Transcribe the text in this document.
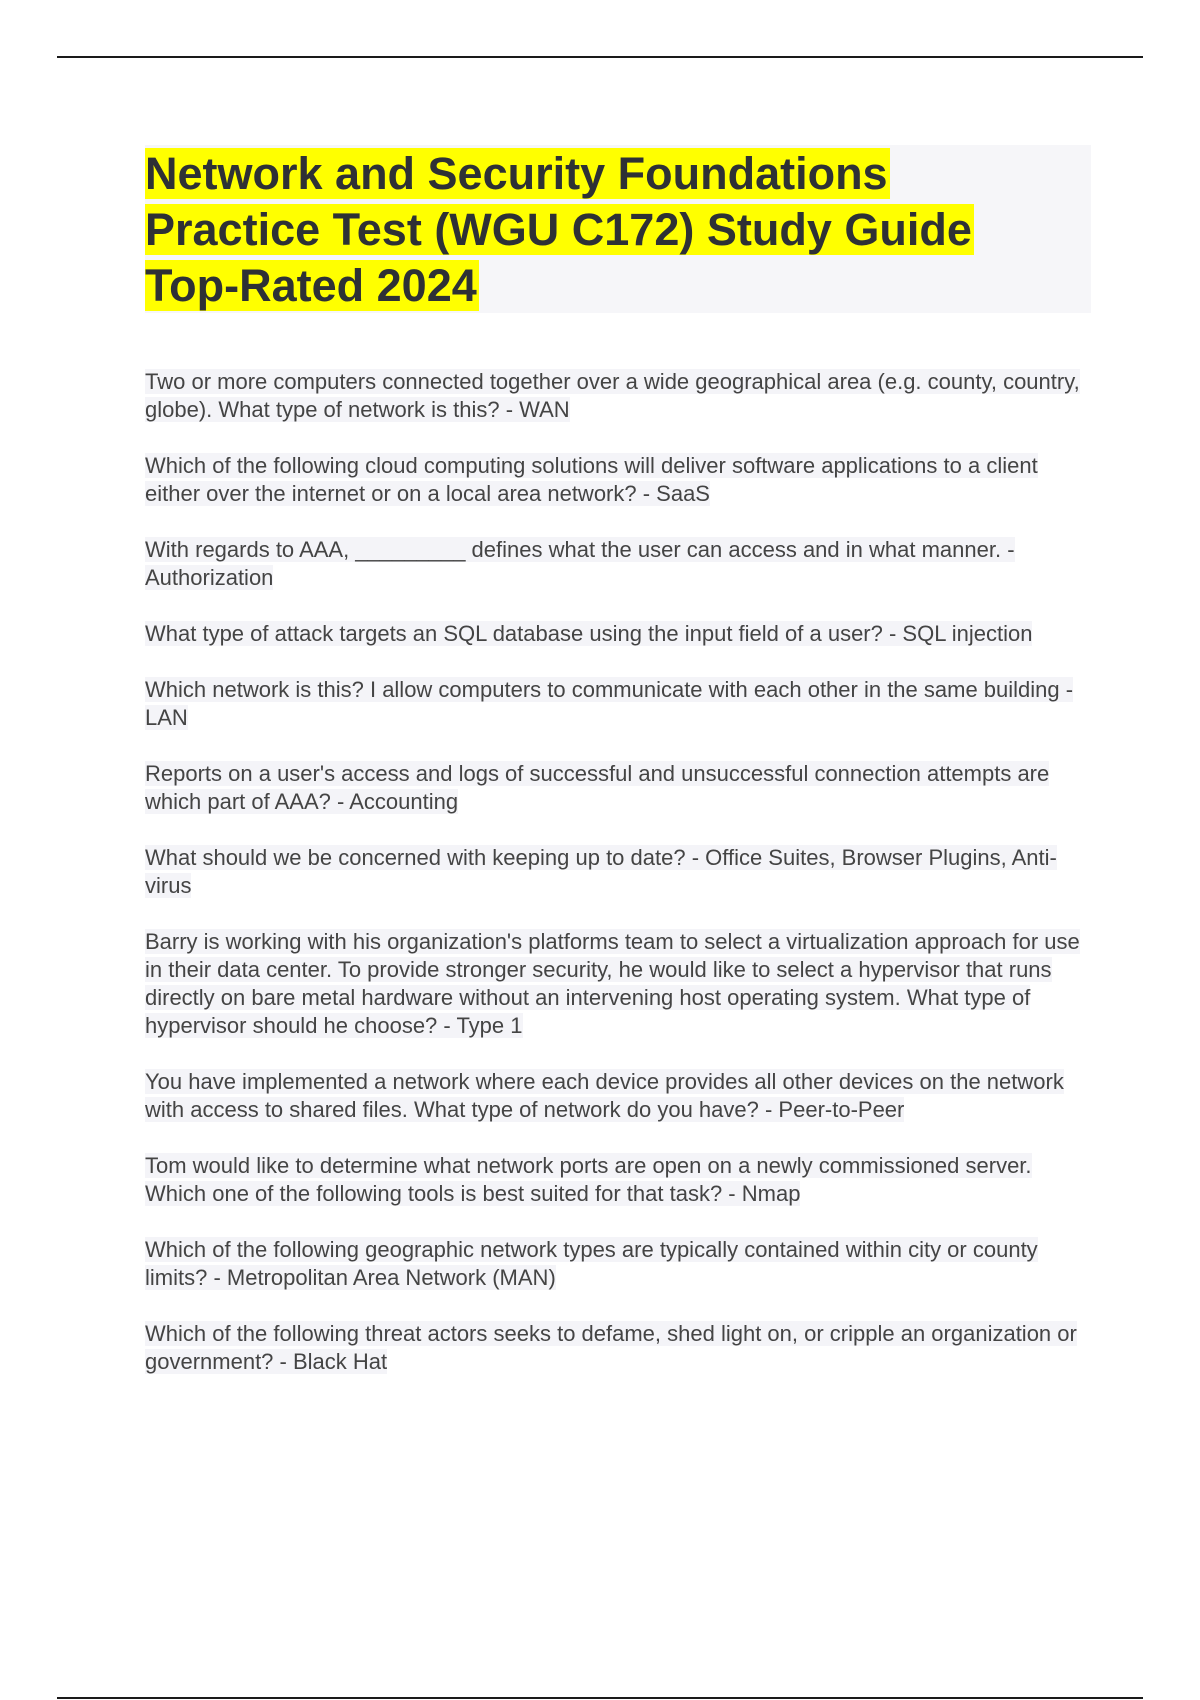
Network and Security Foundations
Practice Test (WGU C172) Study Guide
Top-Rated 2024
Two or more computers connected together over a wide geographical area (e.g. county, country, globe). What type of network is this? - WAN
Which of the following cloud computing solutions will deliver software applications to a client either over the internet or on a local area network? - SaaS
With regards to AAA, _________ defines what the user can access and in what manner. - Authorization
What type of attack targets an SQL database using the input field of a user? - SQL injection
Which network is this? I allow computers to communicate with each other in the same building - LAN
Reports on a user's access and logs of successful and unsuccessful connection attempts are which part of AAA? - Accounting
What should we be concerned with keeping up to date? - Office Suites, Browser Plugins, Anti-virus
Barry is working with his organization's platforms team to select a virtualization approach for use in their data center. To provide stronger security, he would like to select a hypervisor that runs directly on bare metal hardware without an intervening host operating system. What type of hypervisor should he choose? - Type 1
You have implemented a network where each device provides all other devices on the network with access to shared files. What type of network do you have? - Peer-to-Peer
Tom would like to determine what network ports are open on a newly commissioned server. Which one of the following tools is best suited for that task? - Nmap
Which of the following geographic network types are typically contained within city or county limits? - Metropolitan Area Network (MAN)
Which of the following threat actors seeks to defame, shed light on, or cripple an organization or government? - Black Hat
